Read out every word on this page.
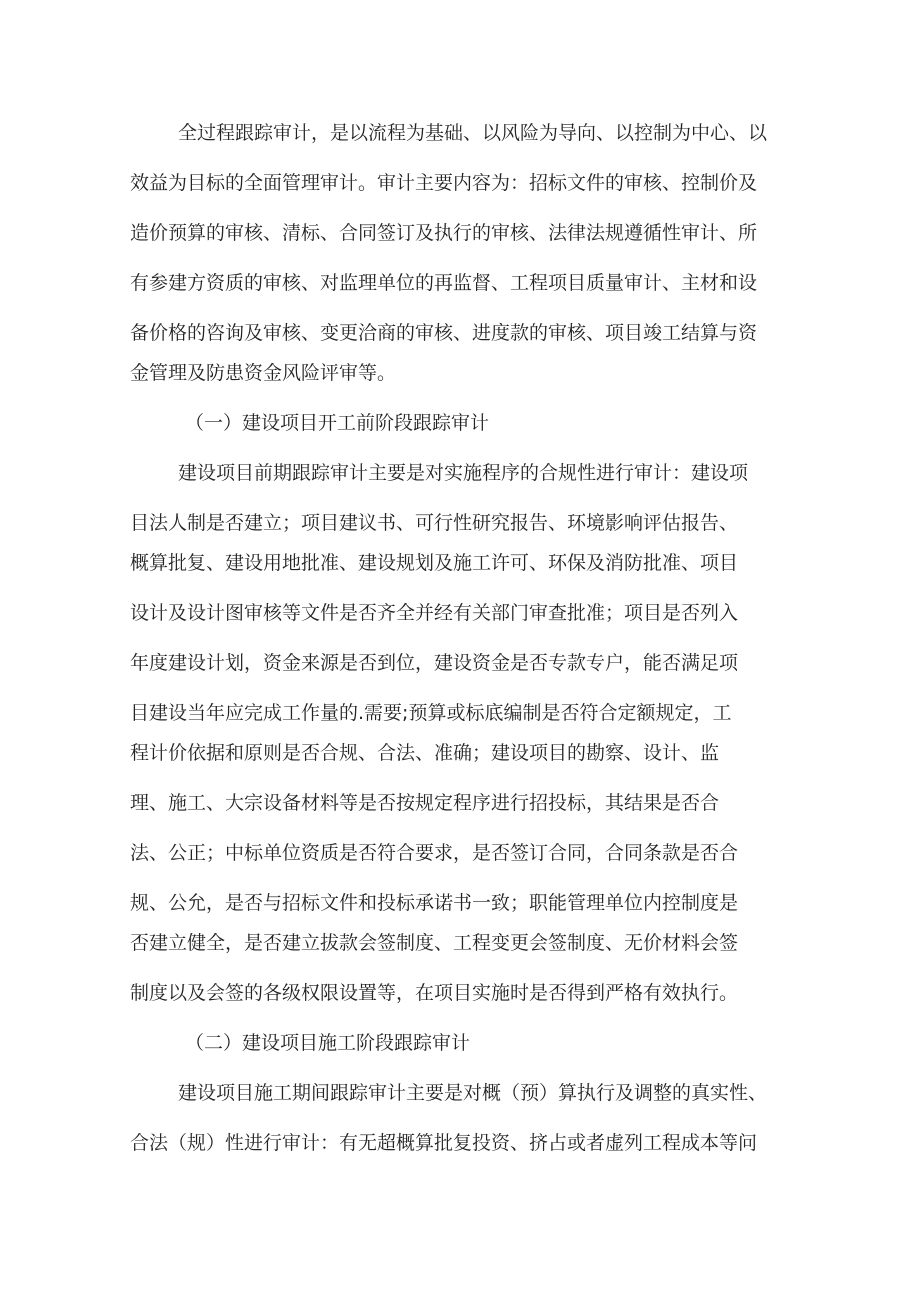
全过程跟踪审计，是以流程为基础、以风险为导向、以控制为中心、以
效益为目标的全面管理审计。审计主要内容为：招标文件的审核、控制价及
造价预算的审核、清标、合同签订及执行的审核、法律法规遵循性审计、所
有参建方资质的审核、对监理单位的再监督、工程项目质量审计、主材和设
备价格的咨询及审核、变更洽商的审核、进度款的审核、项目竣工结算与资
金管理及防患资金风险评审等。
（一）建设项目开工前阶段跟踪审计
建设项目前期跟踪审计主要是对实施程序的合规性进行审计：建设项
目法人制是否建立；项目建议书、可行性研究报告、环境影响评估报告、
概算批复、建设用地批准、建设规划及施工许可、环保及消防批准、项目
设计及设计图审核等文件是否齐全并经有关部门审查批准；项目是否列入
年度建设计划，资金来源是否到位，建设资金是否专款专户，能否满足项
目建设当年应完成工作量的.需要;预算或标底编制是否符合定额规定，工
程计价依据和原则是否合规、合法、准确；建设项目的勘察、设计、监
理、施工、大宗设备材料等是否按规定程序进行招投标，其结果是否合
法、公正；中标单位资质是否符合要求，是否签订合同，合同条款是否合
规、公允，是否与招标文件和投标承诺书一致；职能管理单位内控制度是
否建立健全，是否建立拔款会签制度、工程变更会签制度、无价材料会签
制度以及会签的各级权限设置等，在项目实施时是否得到严格有效执行。
（二）建设项目施工阶段跟踪审计
建设项目施工期间跟踪审计主要是对概（预）算执行及调整的真实性、
合法（规）性进行审计：有无超概算批复投资、挤占或者虚列工程成本等问
